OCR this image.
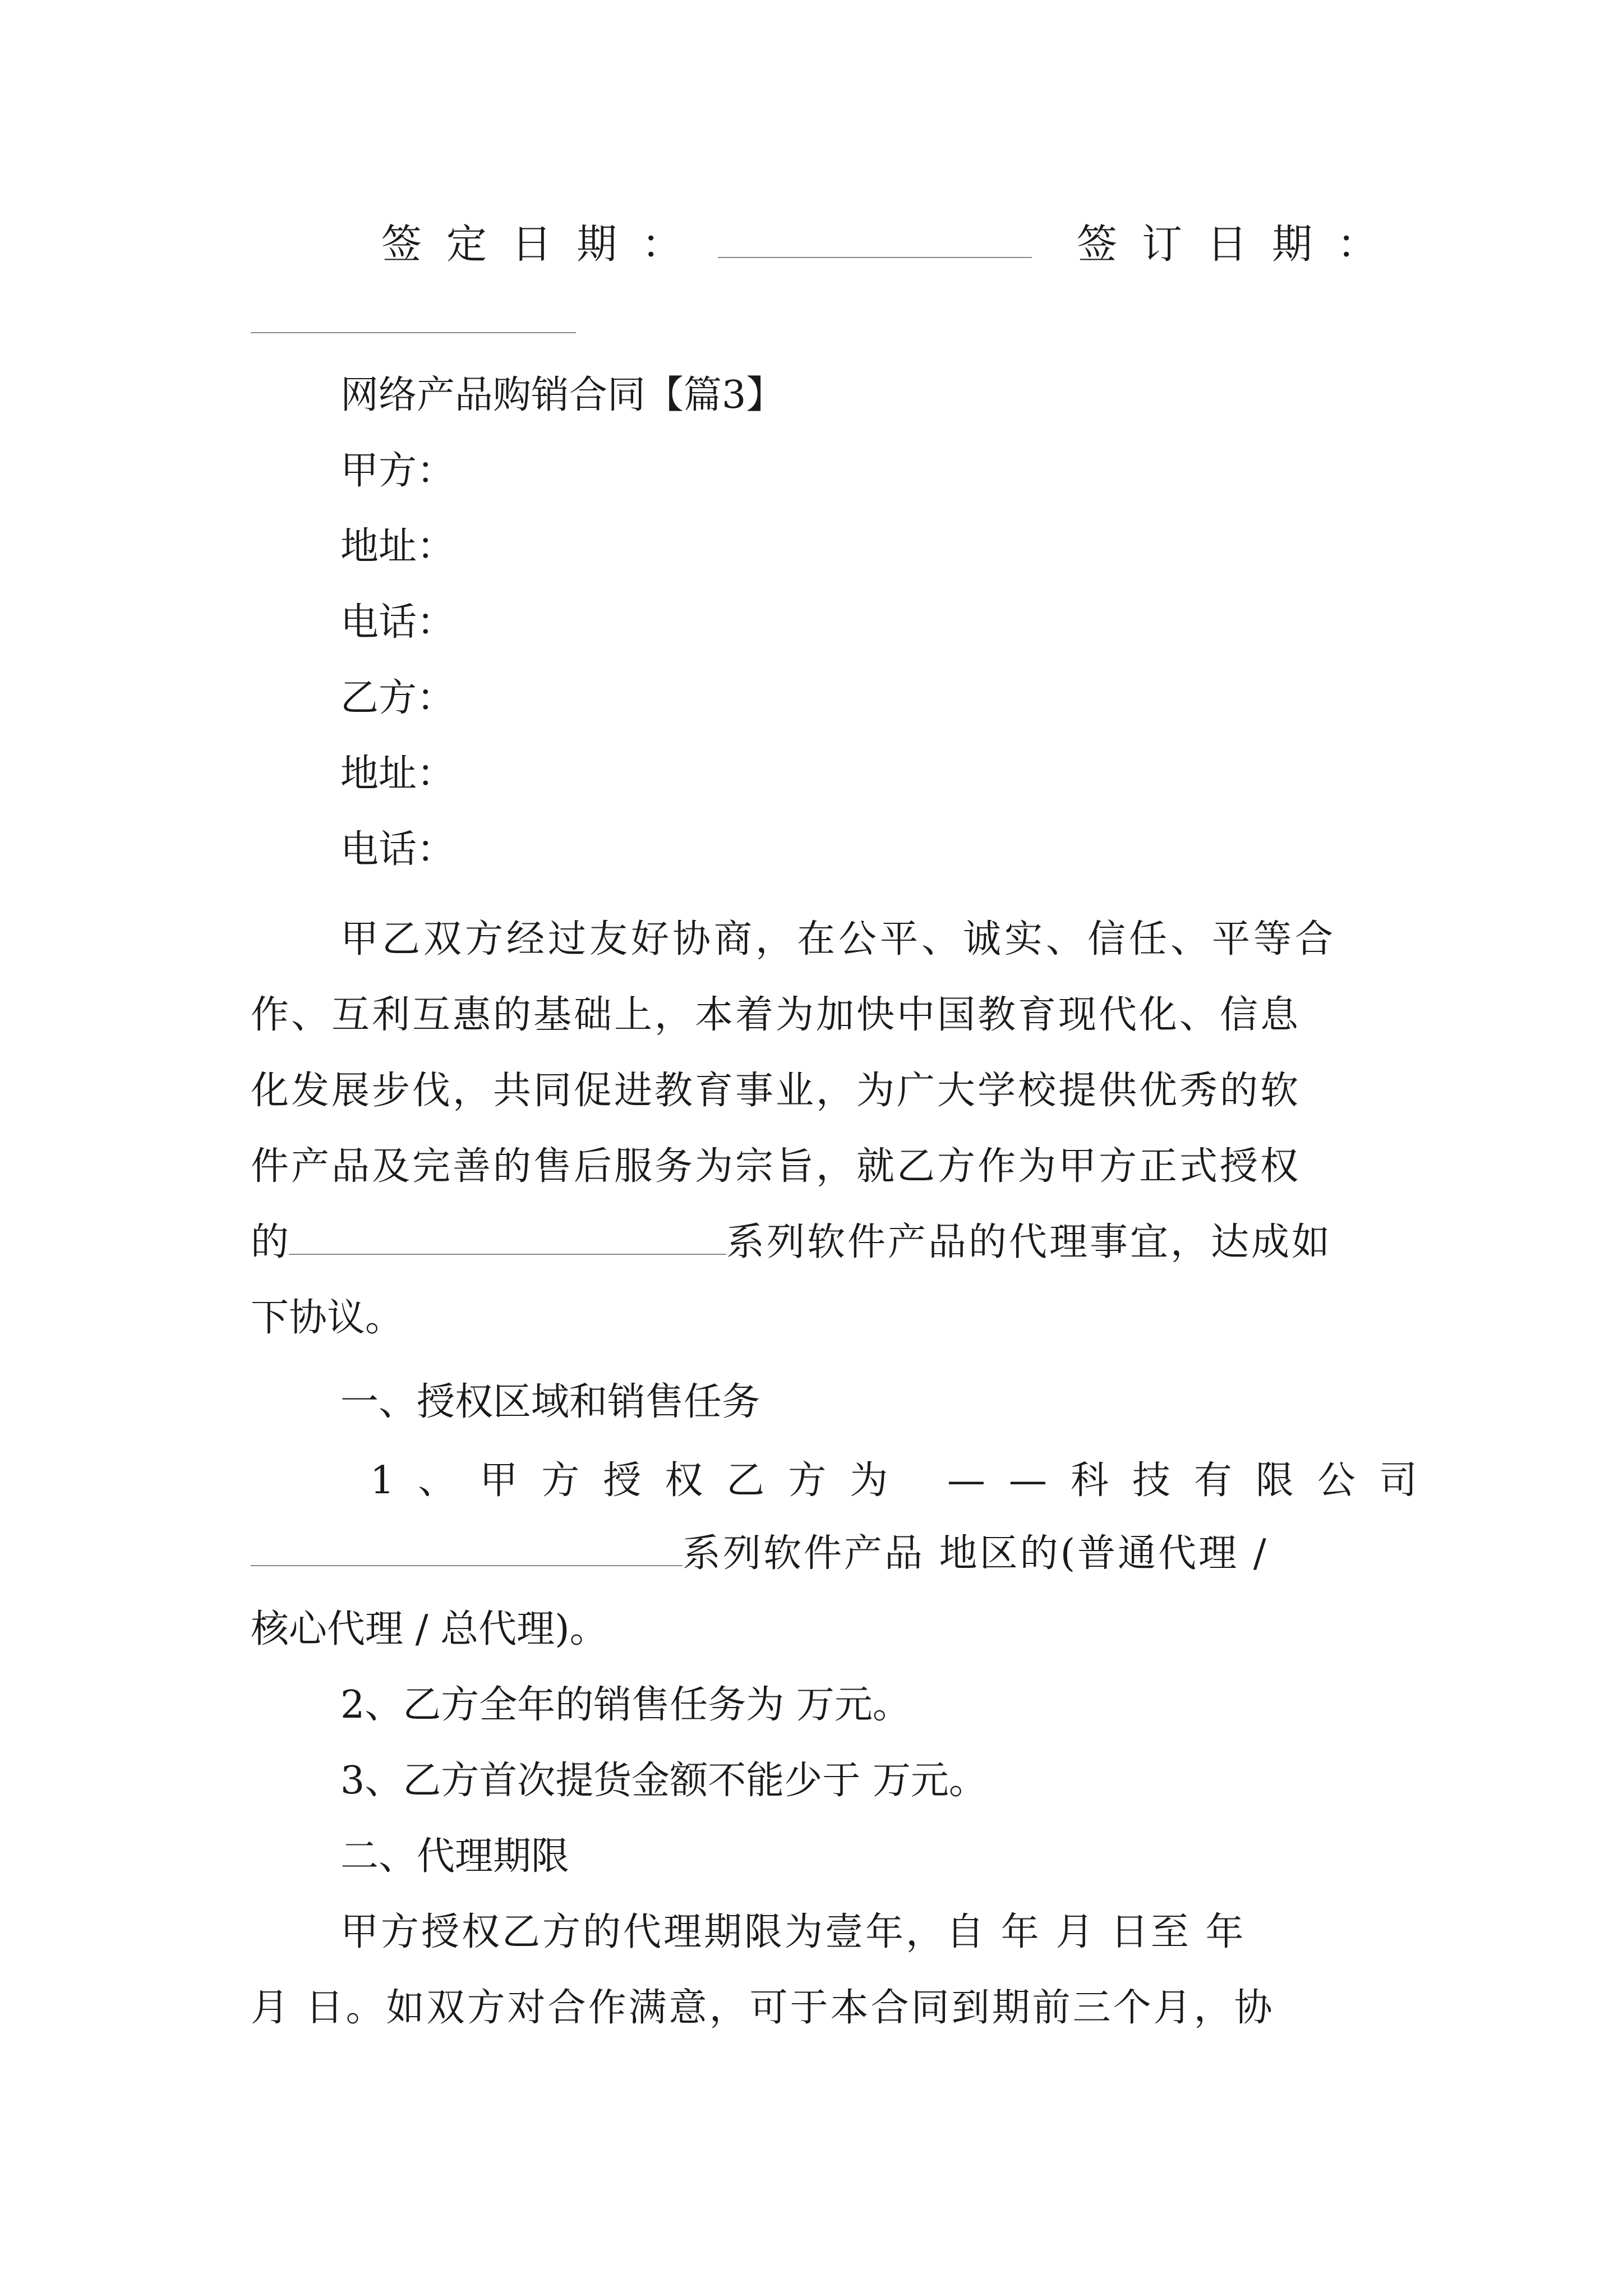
签定日期：	签订日期：
网络产品购销合同【篇3】
甲方：
地址：
电话：
乙方：
地址：
电话：
甲乙双方经过友好协商，在公平、诚实、信任、平等合
作、互利互惠的基础上，本着为加快中国教育现代化、信息
化发展步伐，共同促进教育事业，为广大学校提供优秀的软
件产品及完善的售后服务为宗旨，就乙方作为甲方正式授权
的	系列软件产品的代理事宜，达成如
下协议。
一、授权区域和销售任务
1、甲方授权乙方为 ——科技有限公司
系列软件产品 地区的(普通代理 /
核心代理 / 总代理)。
2、乙方全年的销售任务为 万元。
3、乙方首次提货金额不能少于 万元。
二、代理期限
甲方授权乙方的代理期限为壹年，自 年 月 日至 年
月 日。如双方对合作满意，可于本合同到期前三个月，协
